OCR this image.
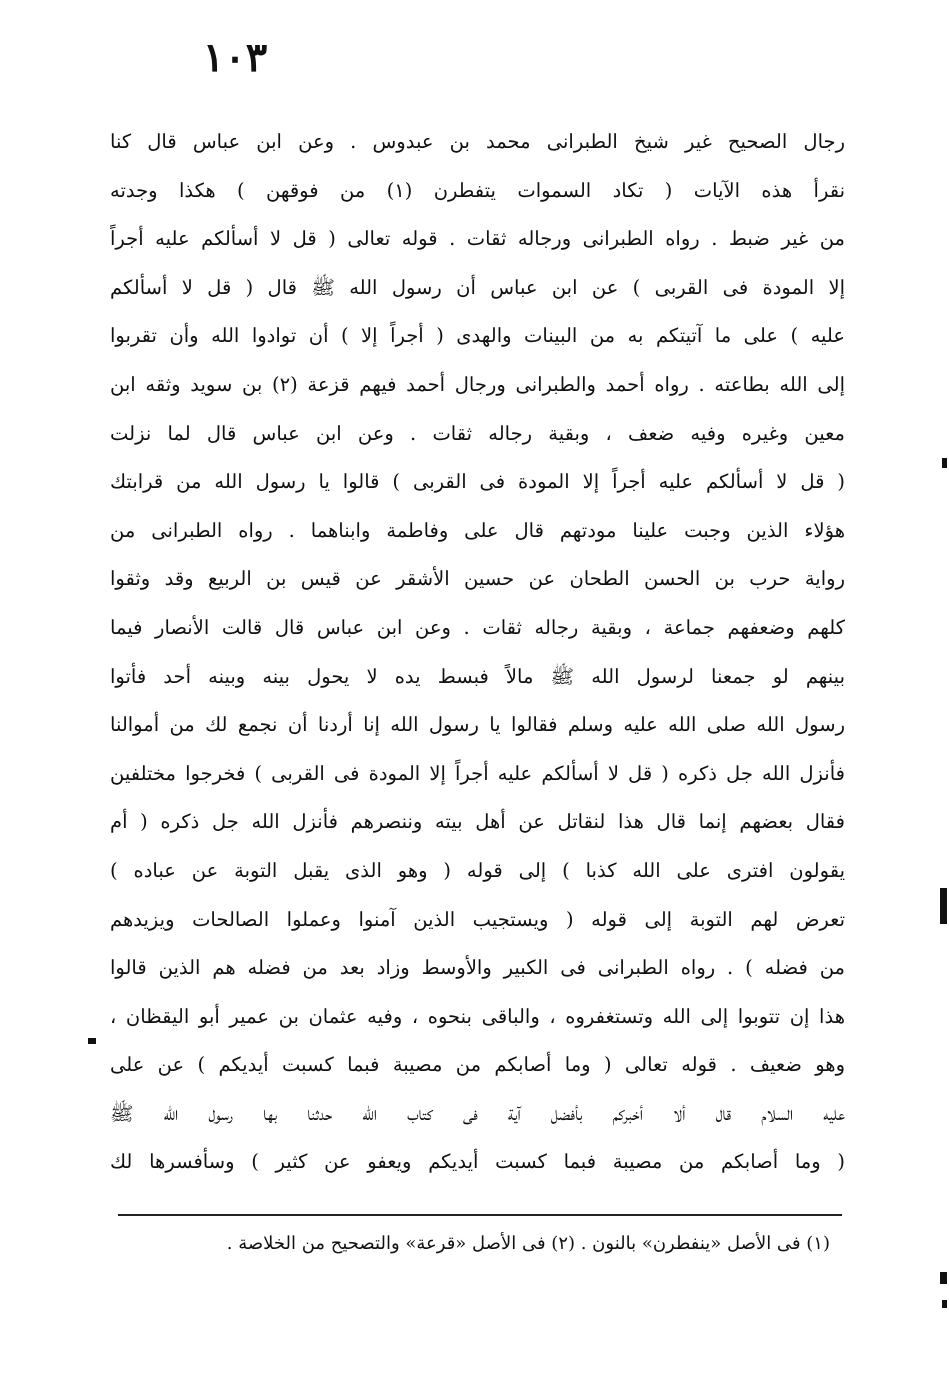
١٠٣
رجال الصحيح غير شيخ الطبرانى محمد بن عبدوس . وعن ابن عباس قال كنا
نقرأ هذه الآيات ( تكاد السموات يتفطرن (١) من فوقهن ) هكذا وجدته
من غير ضبط . رواه الطبرانى ورجاله ثقات . قوله تعالى ( قل لا أسألكم عليه أجراً
إلا المودة فى القربى ) عن ابن عباس أن رسول الله ﷺ قال ( قل لا أسألكم
عليه ) على ما آتيتكم به من البينات والهدى ( أجراً إلا ) أن توادوا الله وأن تقربوا
إلى الله بطاعته . رواه أحمد والطبرانى ورجال أحمد فيهم قزعة (٢) بن سويد وثقه ابن
معين وغيره وفيه ضعف ، وبقية رجاله ثقات . وعن ابن عباس قال لما نزلت
( قل لا أسألكم عليه أجراً إلا المودة فى القربى ) قالوا يا رسول الله من قرابتك
هؤلاء الذين وجبت علينا مودتهم قال على وفاطمة وابناهما . رواه الطبرانى من
رواية حرب بن الحسن الطحان عن حسين الأشقر عن قيس بن الربيع وقد وثقوا
كلهم وضعفهم جماعة ، وبقية رجاله ثقات . وعن ابن عباس قال قالت الأنصار فيما
بينهم لو جمعنا لرسول الله ﷺ مالاً فبسط يده لا يحول بينه وبينه أحد فأتوا
رسول الله صلى الله عليه وسلم فقالوا يا رسول الله إنا أردنا أن نجمع لك من أموالنا
فأنزل الله جل ذكره ( قل لا أسألكم عليه أجراً إلا المودة فى القربى ) فخرجوا مختلفين
فقال بعضهم إنما قال هذا لنقاتل عن أهل بيته وننصرهم فأنزل الله جل ذكره ( أم
يقولون افترى على الله كذبا ) إلى قوله ( وهو الذى يقبل التوبة عن عباده )
تعرض لهم التوبة إلى قوله ( ويستجيب الذين آمنوا وعملوا الصالحات ويزيدهم
من فضله ) . رواه الطبرانى فى الكبير والأوسط وزاد بعد من فضله هم الذين قالوا
هذا إن تتوبوا إلى الله وتستغفروه ، والباقى بنحوه ، وفيه عثمان بن عمير أبو اليقظان ،
وهو ضعيف . قوله تعالى ( وما أصابكم من مصيبة فبما كسبت أيديكم ) عن على
عليه السلام قال ألا أخبركم بأفضل آية فى كتاب الله حدثنا بها رسول الله ﷺ
( وما أصابكم من مصيبة فبما كسبت أيديكم ويعفو عن كثير ) وسأفسرها لك
(١) فى الأصل «ينفطرن» بالنون . (٢) فى الأصل «قرعة» والتصحيح من الخلاصة .
